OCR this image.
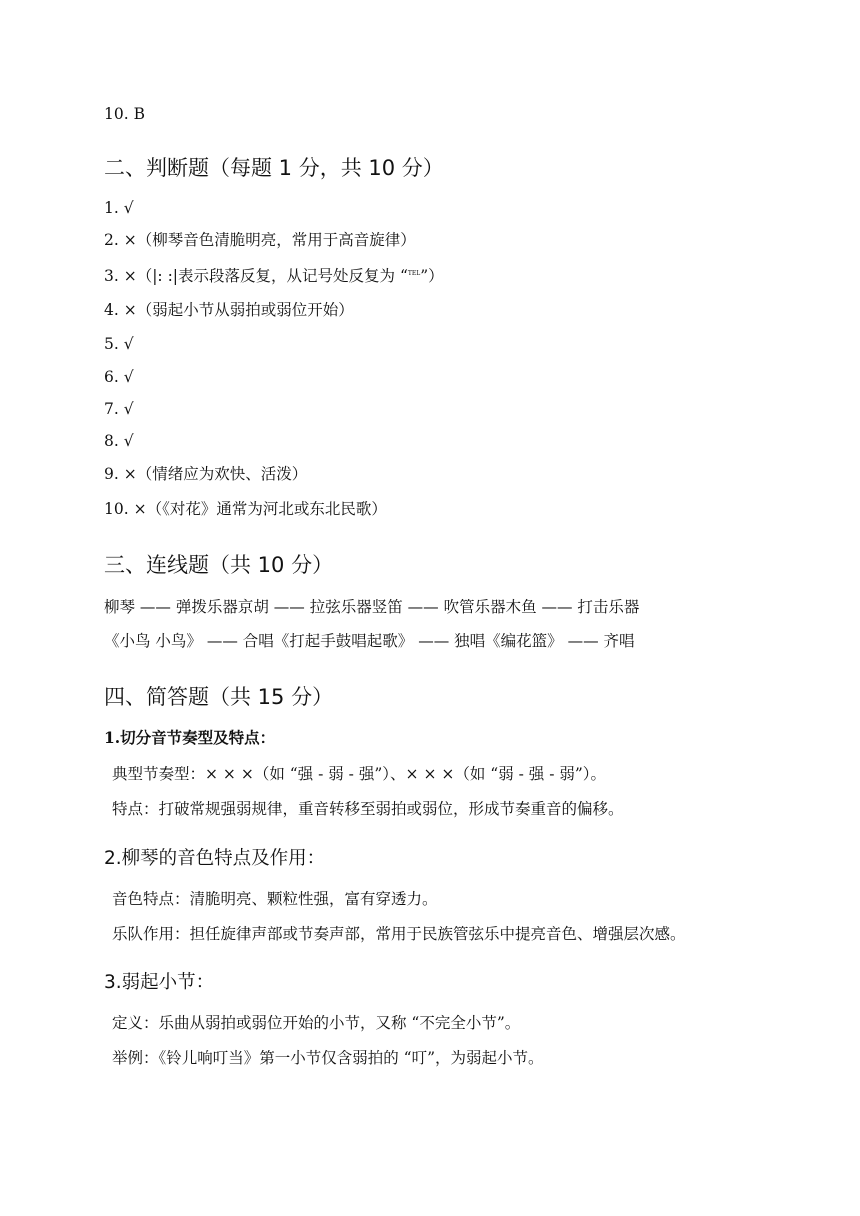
10. B
二、判断题（每题 1 分，共 10 分）
1. √
2. ×（柳琴音色清脆明亮，常用于高音旋律）
3. ×（|: :|表示段落反复，从记号处反复为 “$^{TEL}$”）
4. ×（弱起小节从弱拍或弱位开始）
5. √
6. √
7. √
8. √
9. ×（情绪应为欢快、活泼）
10. ×（《对花》通常为河北或东北民歌）
三、连线题（共 10 分）
柳琴 —— 弹拨乐器京胡 —— 拉弦乐器竖笛 —— 吹管乐器木鱼 —— 打击乐器
《小鸟 小鸟》 —— 合唱《打起手鼓唱起歌》 —— 独唱《编花篮》 —— 齐唱
四、简答题（共 15 分）
1.切分音节奏型及特点：
典型节奏型：× × ×（如 “强 - 弱 - 强”）、× × ×（如 “弱 - 强 - 弱”）。
特点：打破常规强弱规律，重音转移至弱拍或弱位，形成节奏重音的偏移。
2.柳琴的音色特点及作用：
音色特点：清脆明亮、颗粒性强，富有穿透力。
乐队作用：担任旋律声部或节奏声部，常用于民族管弦乐中提亮音色、增强层次感。
3.弱起小节：
定义：乐曲从弱拍或弱位开始的小节，又称 “不完全小节”。
举例：《铃儿响叮当》第一小节仅含弱拍的 “叮”，为弱起小节。
